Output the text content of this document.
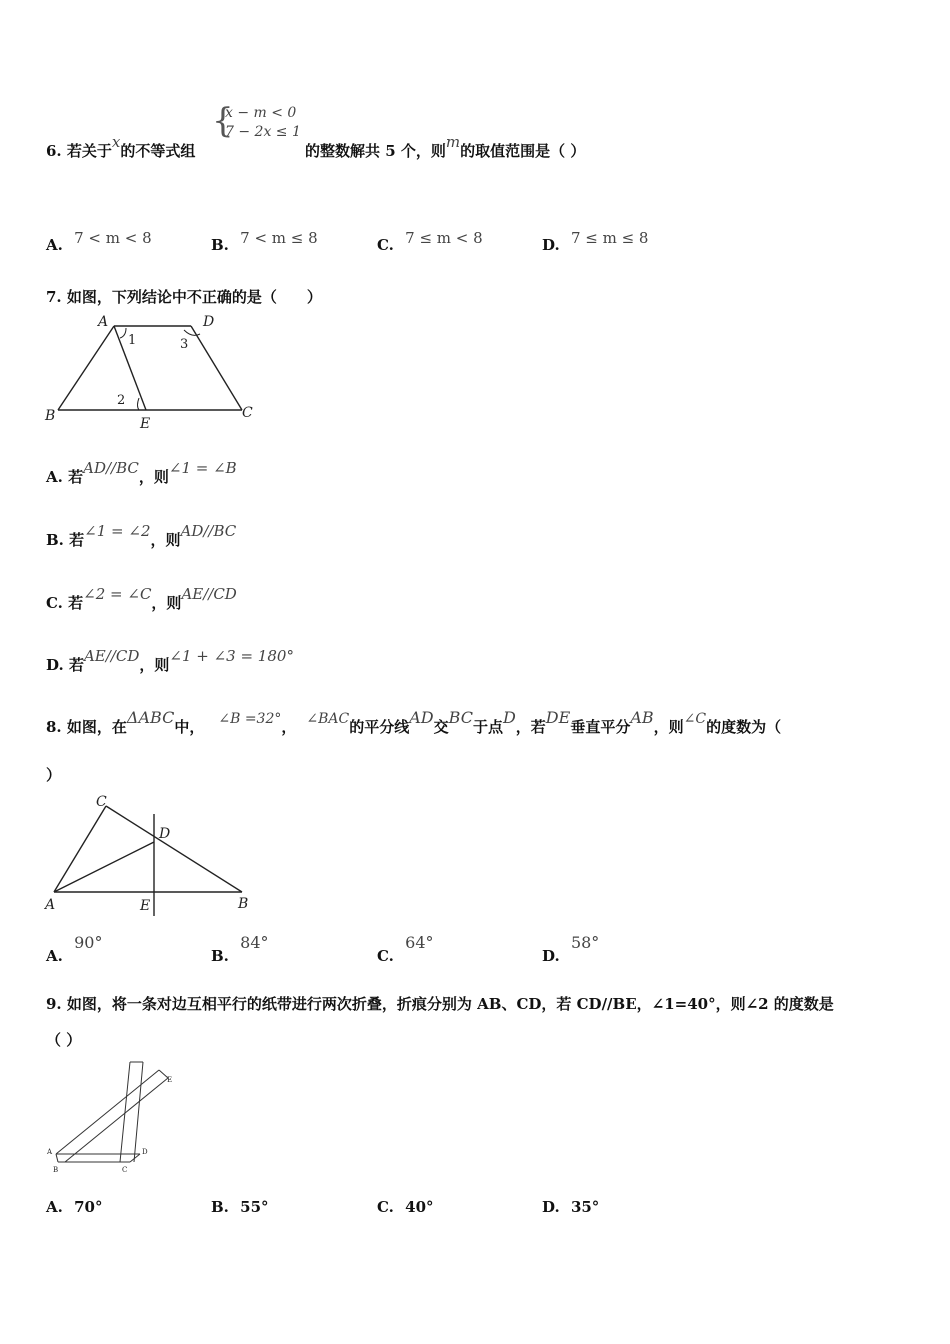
6. 若关于x的不等式组
{
x − m < 0
7 − 2x ≤ 1
的整数解共 5 个，则m的取值范围是（ ）
A. 7 < m < 8	B. 7 < m ≤ 8	C. 7 ≤ m < 8	D. 7 ≤ m ≤ 8
7. 如图，下列结论中不正确的是（　　）
A	D
B	E
C
1
2
3
A. 若AD//BC，则∠1 = ∠B
B. 若∠1 = ∠2，则AD//BC
C. 若∠2 = ∠C，则AE//CD
D. 若AE//CD，则∠1 + ∠3 = 180°
8. 如图，在ΔABC中， ∠B =32°， ∠BAC的平分线AD交BC于点D，若DE垂直平分AB，则∠C的度数为（
）
C
D
A	E	B
A. 90°
B. 84°
C. 64°
D. 58°
9. 如图，将一条对边互相平行的纸带进行两次折叠，折痕分别为 AB、CD，若 CD//BE，∠1=40°，则∠2 的度数是
（ ）
A
B	C
D
E
A. 70°	B. 55°	C. 40°	D. 35°
